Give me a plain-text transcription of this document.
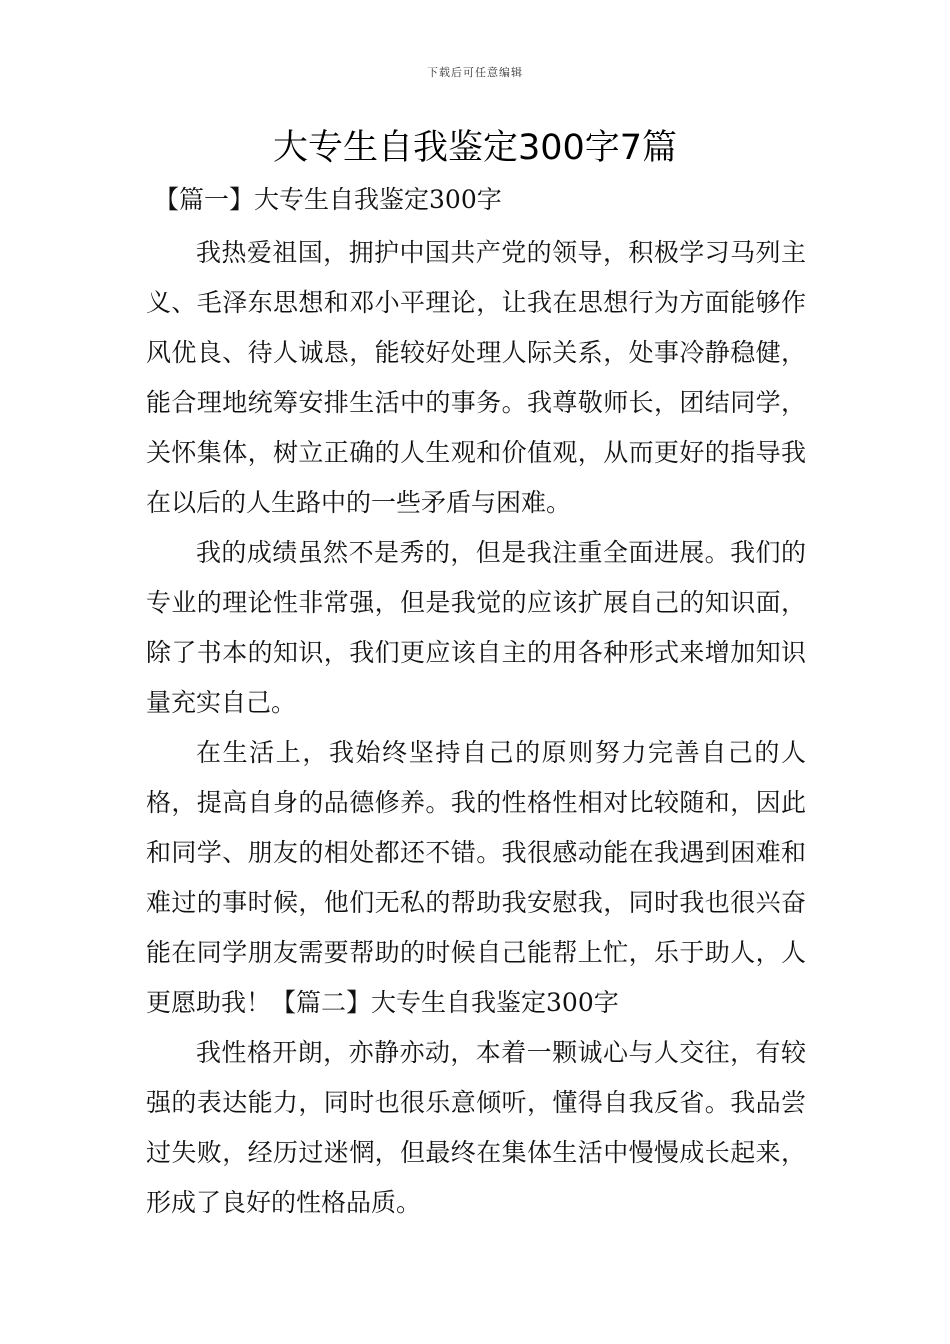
下载后可任意编辑
大专生自我鉴定300字7篇
【篇一】大专生自我鉴定300字

我热爱祖国，拥护中国共产党的领导，积极学习马列主义、毛泽东思想和邓小平理论，让我在思想行为方面能够作风优良、待人诚恳，能较好处理人际关系，处事冷静稳健，能合理地统筹安排生活中的事务。我尊敬师长，团结同学，关怀集体，树立正确的人生观和价值观，从而更好的指导我在以后的人生路中的一些矛盾与困难。

我的成绩虽然不是秀的，但是我注重全面进展。我们的专业的理论性非常强，但是我觉的应该扩展自己的知识面，除了书本的知识，我们更应该自主的用各种形式来增加知识量充实自己。

在生活上，我始终坚持自己的原则努力完善自己的人格，提高自身的品德修养。我的性格性相对比较随和，因此和同学、朋友的相处都还不错。我很感动能在我遇到困难和难过的事时候，他们无私的帮助我安慰我，同时我也很兴奋能在同学朋友需要帮助的时候自己能帮上忙，乐于助人，人更愿助我！【篇二】大专生自我鉴定300字

我性格开朗，亦静亦动，本着一颗诚心与人交往，有较强的表达能力，同时也很乐意倾听，懂得自我反省。我品尝过失败，经历过迷惘，但最终在集体生活中慢慢成长起来，形成了良好的性格品质。
